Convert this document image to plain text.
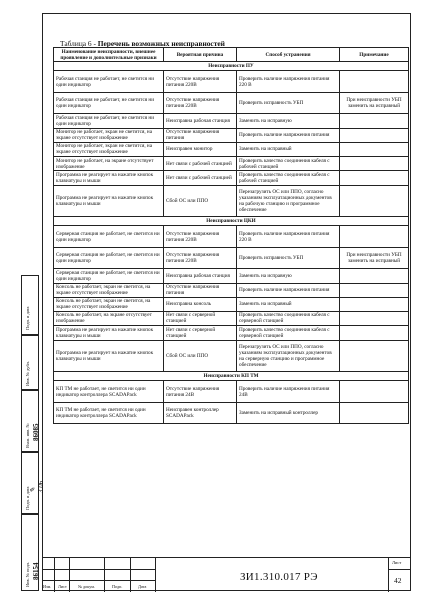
Таблица 6 - Перечень возможных неисправностей
Наименование неисправности, внешнее проявление и дополнительные признаки	Вероятная причина	Способ устранения	Примечание
Неисправности ПУ			
Рабочая станция не работает, не светится ни один индикатор	Отсутствие напряжения питания 220В	Проверить наличие напряжения питания 220 В	
Рабочая станция не работает, не светится ни один индикатор	Отсутствие напряжения питания 220В	Проверить исправность УБП	При неисправности УБП заменить на исправный
Рабочая станция не работает, не светится ни один индикатор	Неисправна рабочая станция	Заменить на исправную	
Монитор не работает, экран не светится, на экране отсутствует изображение	Отсутствие напряжения питания	Проверить наличие напряжения питания	
Монитор не работает, экран не светится, на экране отсутствует изображение	Неисправен монитор	Заменить на исправный	
Монитор не работает, на экране отсутствует изображение	Нет связи с рабочей станцией	Проверить качество соединения кабеля с рабочей станцией	
Программа не реагирует на нажатие кнопок клавиатуры и мыши	Нет связи с рабочей станцией	Проверить качество соединения кабеля с рабочей станцией	
Программа не реагирует на нажатие кнопок клавиатуры и мыши	Сбой ОС или ППО	Перезагрузить ОС или ППО, согласно указаниям эксплуатационных документов на рабочую станцию и программное обеспечение	
Неисправности ЦКИ			
Серверная станция не работает, не светится ни один индикатор	Отсутствие напряжения питания 220В	Проверить наличие напряжения питания 220 В	
Серверная станция не работает, не светится ни один индикатор	Отсутствие напряжения питания 220В	Проверить исправность УБП	При неисправности УБП заменить на исправный
Серверная станция не работает, не светится ни один индикатор	Неисправна рабочая станция	Заменить на исправную	
Консоль не работает, экран не светится, на экране отсутствует изображение	Отсутствие напряжения питания	Проверить наличие напряжения питания	
Консоль не работает, экран не светится, на экране отсутствует изображение	Неисправна консоль	Заменить на исправный	
Консоль не работает, на экране отсутствует изображение	Нет связи с серверной станцией	Проверить качество соединения кабеля с серверной станцией	
Программа не реагирует на нажатие кнопок клавиатуры и мыши	Нет связи с серверной станцией	Проверить качество соединения кабеля с серверной станцией	
Программа не реагирует на нажатие кнопок клавиатуры и мыши	Сбой ОС или ППО	Перезагрузить ОС или ППО, согласно указаниям эксплуатационных документов на серверную станцию и программное обеспечение	
Неисправности КП ТМ			
КП ТМ не работает, не светится ни один индикатор контроллера SCADAPack	Отсутствие напряжения питания 24В	Проверить наличие напряжения питания 24В	
КП ТМ не работает, не светится ни один индикатор контроллера SCADAPack	Неисправен контроллер SCADAPack	Заменить на исправный контроллер	
Подп. и дата
Инв. № дубл.
Взам. инв. № 86085
Подп. и дата ✎ 3.06
Инв. № подл. 86154
Изм. Лист	№ докум.	Подп.	Дата
ЗИ1.310.017 РЭ
Лист
42
